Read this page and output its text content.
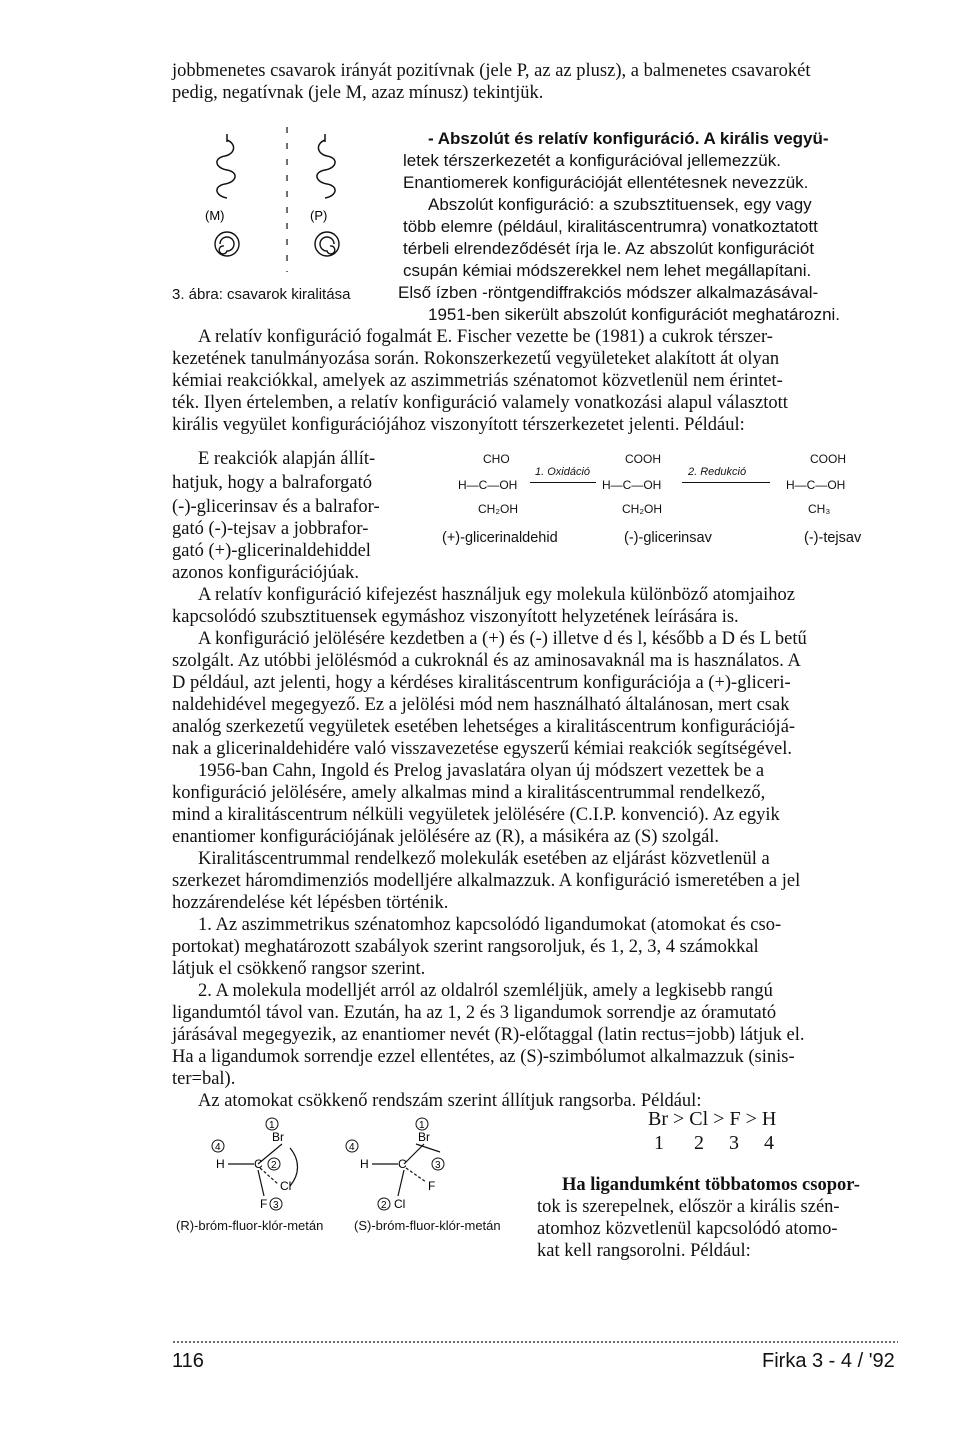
jobbmenetes csavarok irányát pozitívnak (jele P, az az plusz), a balmenetes csavarokét
pedig, negatívnak (jele M, azaz mínusz) tekintjük.
(M)	(P)
3. ábra: csavarok kiralitása
- Abszolút és relatív konfiguráció. A királis vegyü-
letek térszerkezetét a konfigurációval jellemezzük.
Enantiomerek konfigurációját ellentétesnek nevezzük.
Abszolút konfiguráció: a szubsztituensek, egy vagy
több elemre (például, kiralitáscentrumra) vonatkoztatott
térbeli elrendeződését írja le. Az abszolút konfigurációt
csupán kémiai módszerekkel nem lehet megállapítani.
Első ízben -röntgendiffrakciós módszer alkalmazásával-
1951-ben sikerült abszolút konfigurációt meghatározni.
A relatív konfiguráció fogalmát E. Fischer vezette be (1981) a cukrok térszer-
kezetének tanulmányozása során. Rokonszerkezetű vegyületeket alakított át olyan
kémiai reakciókkal, amelyek az aszimmetriás szénatomot közvetlenül nem érintet-
ték. Ilyen értelemben, a relatív konfiguráció valamely vonatkozási alapul választott
királis vegyület konfigurációjához viszonyított térszerkezetet jelenti. Például:
E reakciók alapján állít-
hatjuk, hogy a balraforgató
(-)-glicerinsav és a balrafor-
gató (-)-tejsav a jobbrafor-
gató (+)-glicerinaldehiddel
azonos konfigurációjúak.
CHO
H—C—OH
CH₂OH
1. Oxidáció
COOH
H—C—OH
CH₂OH
2. Redukció
COOH
H—C—OH
CH₃
(+)-glicerinaldehid	(-)-glicerinsav	(-)-tejsav
A relatív konfiguráció kifejezést használjuk egy molekula különböző atomjaihoz
kapcsolódó szubsztituensek egymáshoz viszonyított helyzetének leírására is.
A konfiguráció jelölésére kezdetben a (+) és (-) illetve d és l, később a D és L betű
szolgált. Az utóbbi jelölésmód a cukroknál és az aminosavaknál ma is használatos. A
D például, azt jelenti, hogy a kérdéses kiralitáscentrum konfigurációja a (+)-gliceri-
naldehidével megegyező. Ez a jelölési mód nem használható általánosan, mert csak
analóg szerkezetű vegyületek esetében lehetséges a kiralitáscentrum konfigurációjá-
nak a glicerinaldehidére való visszavezetése egyszerű kémiai reakciók segítségével.
1956-ban Cahn, Ingold és Prelog javaslatára olyan új módszert vezettek be a
konfiguráció jelölésére, amely alkalmas mind a kiralitáscentrummal rendelkező,
mind a kiralitáscentrum nélküli vegyületek jelölésére (C.I.P. konvenció). Az egyik
enantiomer konfigurációjának jelölésére az (R), a másikéra az (S) szolgál.
Kiralitáscentrummal rendelkező molekulák esetében az eljárást közvetlenül a
szerkezet háromdimenziós modelljére alkalmazzuk. A konfiguráció ismeretében a jel
hozzárendelése két lépésben történik.
1. Az aszimmetrikus szénatomhoz kapcsolódó ligandumokat (atomokat és cso-
portokat) meghatározott szabályok szerint rangsoroljuk, és 1, 2, 3, 4 számokkal
látjuk el csökkenő rangsor szerint.
2. A molekula modelljét arról az oldalról szemléljük, amely a legkisebb rangú
ligandumtól távol van. Ezután, ha az 1, 2 és 3 ligandumok sorrendje az óramutató
járásával megegyezik, az enantiomer nevét (R)-előtaggal (latin rectus=jobb) látjuk el.
Ha a ligandumok sorrendje ezzel ellentétes, az (S)-szimbólumot alkalmazzuk (sinis-
ter=bal).
Az atomokat csökkenő rendszám szerint állítjuk rangsorba. Például:
1
Br
4
H C 2
Cl
F 3
1
Br
4
H C	3
F
2 Cl
(R)-bróm-fluor-klór-metán (S)-bróm-fluor-klór-metán
Br > Cl > F > H
1      2     3     4
Ha ligandumként többatomos csopor-
tok is szerepelnek, először a királis szén-
atomhoz közvetlenül kapcsolódó atomo-
kat kell rangsorolni. Például:
116	Firka 3 - 4 / '92
